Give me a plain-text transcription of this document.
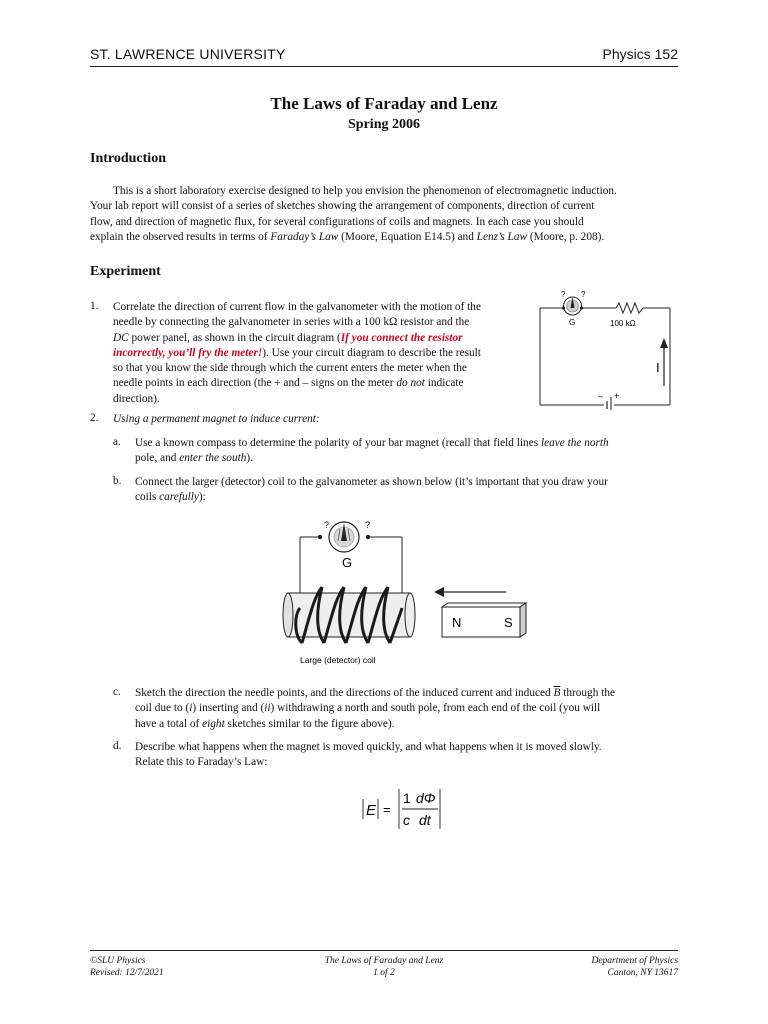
ST. LAWRENCE UNIVERSITY	Physics 152
The Laws of Faraday and Lenz
Spring 2006
Introduction
This is a short laboratory exercise designed to help you envision the phenomenon of electromagnetic induction.
Your lab report will consist of a series of sketches showing the arrangement of components, direction of current
flow, and direction of magnetic flux, for several configurations of coils and magnets. In each case you should
explain the observed results in terms of Faraday’s Law (Moore, Equation E14.5) and Lenz’s Law (Moore, p. 208).
Experiment
1. Correlate the direction of current flow in the galvanometer with the motion of the
needle by connecting the galvanometer in series with a 100 kΩ resistor and the
DC power panel, as shown in the circuit diagram (If you connect the resistor
incorrectly, you’ll fry the meter!). Use your circuit diagram to describe the result
so that you know the side through which the current enters the meter when the
needle points in each direction (the + and – signs on the meter do not indicate
direction).
? ?
G	100 kΩ
I
– +
2. Using a permanent magnet to induce current:
a. Use a known compass to determine the polarity of your bar magnet (recall that field lines leave the north
pole, and enter the south).
b. Connect the larger (detector) coil to the galvanometer as shown below (it’s important that you draw your
coils carefully):
?	?
G
Large (detector) coil
N	S
c. Sketch the direction the needle points, and the directions of the induced current and induced $\overline{B}$ through the
coil due to (i) inserting and (ii) withdrawing a north and south pole, from each end of the coil (you will
have a total of eight sketches similar to the figure above).
d. Describe what happens when the magnet is moved quickly, and what happens when it is moved slowly.
Relate this to Faraday’s Law:
E =
1 dΦ
c dt
©SLU Physics
Revised: 12/7/2021
The Laws of Faraday and Lenz
1 of 2
Department of Physics
Canton, NY 13617
